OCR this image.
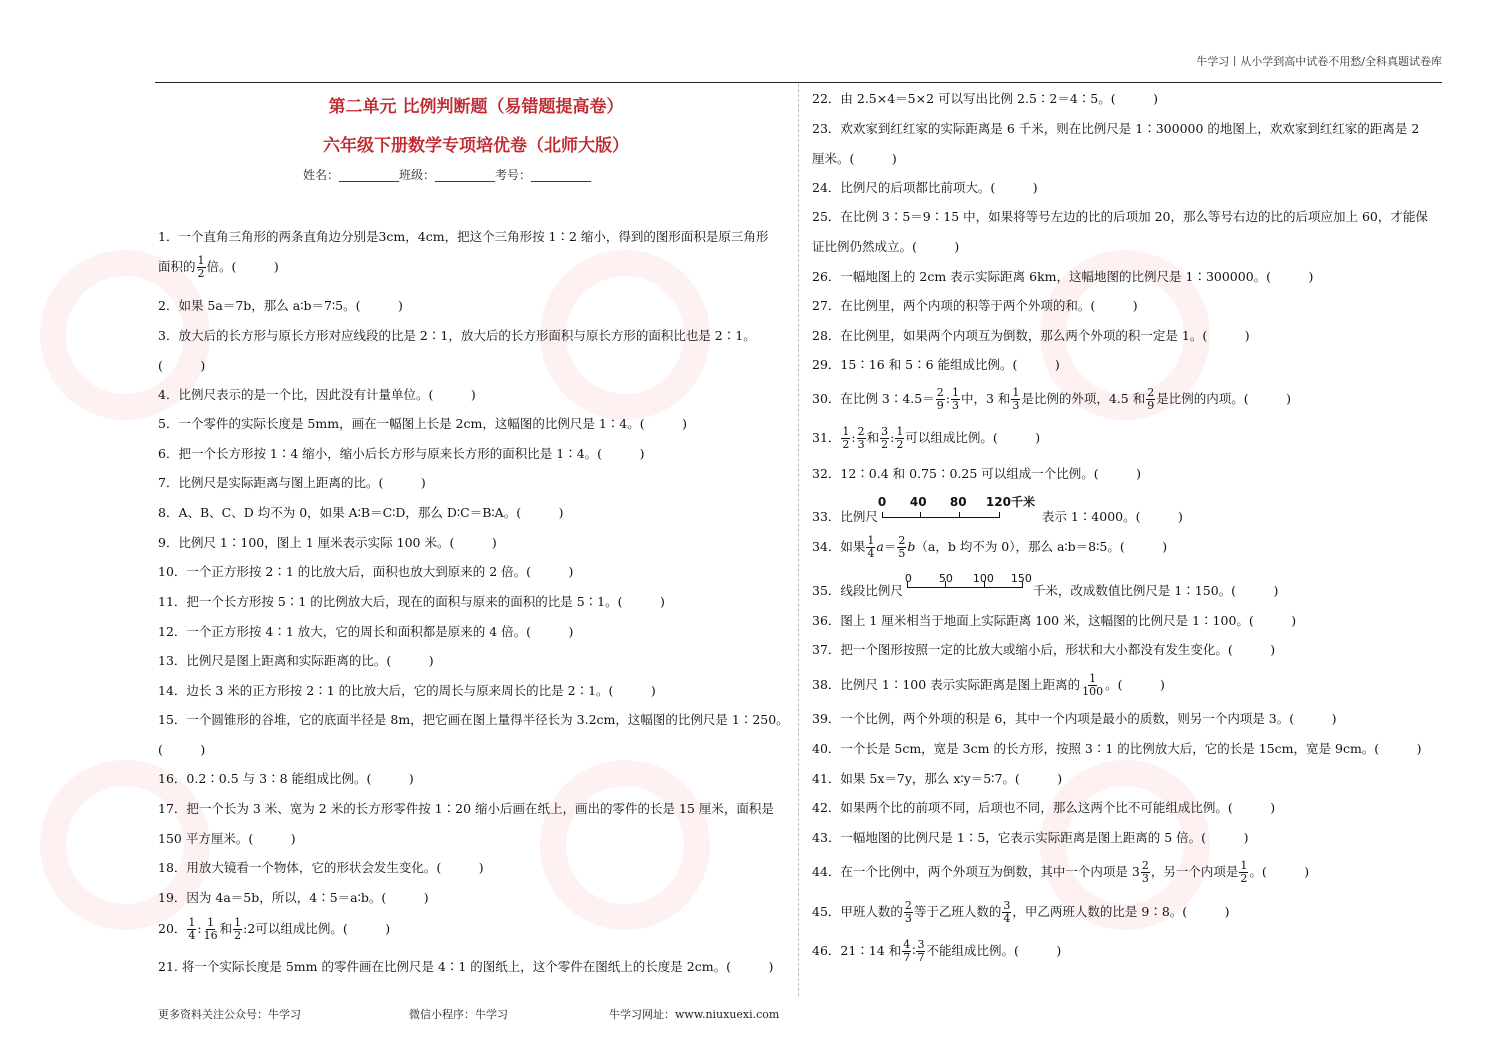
牛学习丨从小学到高中试卷不用愁/全科真题试卷库
第二单元 比例判断题（易错题提高卷）
六年级下册数学专项培优卷（北师大版）
姓名：__________班级：__________考号：__________
1．一个直角三角形的两条直角边分别是3cm，4cm，把这个三角形按 1∶2 缩小，得到的图形面积是原三角形
面积的 $\frac{1}{2}$ 倍。(　　　)
2．如果 5a＝7b，那么 a∶b＝7∶5。(　　　)
3．放大后的长方形与原长方形对应线段的比是 2∶1，放大后的长方形面积与原长方形的面积比也是 2∶1。
(　　　)
4．比例尺表示的是一个比，因此没有计量单位。(　　　)
5．一个零件的实际长度是 5mm，画在一幅图上长是 2cm，这幅图的比例尺是 1∶4。(　　　)
6．把一个长方形按 1∶4 缩小，缩小后长方形与原来长方形的面积比是 1∶4。(　　　)
7．比例尺是实际距离与图上距离的比。(　　　)
8．A、B、C、D 均不为 0，如果 A∶B＝C∶D，那么 D∶C＝B∶A。(　　　)
9．比例尺 1∶100，图上 1 厘米表示实际 100 米。(　　　)
10．一个正方形按 2∶1 的比放大后，面积也放大到原来的 2 倍。(　　　)
11．把一个长方形按 5∶1 的比例放大后，现在的面积与原来的面积的比是 5∶1。(　　　)
12．一个正方形按 4∶1 放大，它的周长和面积都是原来的 4 倍。(　　　)
13．比例尺是图上距离和实际距离的比。(　　　)
14．边长 3 米的正方形按 2∶1 的比放大后，它的周长与原来周长的比是 2∶1。(　　　)
15．一个圆锥形的谷堆，它的底面半径是 8m，把它画在图上量得半径长为 3.2cm，这幅图的比例尺是 1∶250。
(　　　)
16．0.2∶0.5 与 3∶8 能组成比例。(　　　)
17．把一个长为 3 米、宽为 2 米的长方形零件按 1∶20 缩小后画在纸上，画出的零件的长是 15 厘米，面积是
150 平方厘米。(　　　)
18．用放大镜看一个物体，它的形状会发生变化。(　　　)
19．因为 4a＝5b，所以，4∶5＝a∶b。(　　　)
20． $\frac{1}{4}$ : $\frac{1}{16}$ 和 $\frac{1}{2}$ :2可以组成比例。(　　　)
21. 将一个实际长度是 5mm 的零件画在比例尺是 4∶1 的图纸上，这个零件在图纸上的长度是 2cm。(　　　)
22．由 2.5×4＝5×2 可以写出比例 2.5∶2＝4∶5。(　　　)
23．欢欢家到红红家的实际距离是 6 千米，则在比例尺是 1∶300000 的地图上，欢欢家到红红家的距离是 2
厘米。(　　　)
24．比例尺的后项都比前项大。(　　　)
25．在比例 3∶5＝9∶15 中，如果将等号左边的比的后项加 20，那么等号右边的比的后项应加上 60，才能保
证比例仍然成立。(　　　)
26．一幅地图上的 2cm 表示实际距离 6km，这幅地图的比例尺是 1∶300000。(　　　)
27．在比例里，两个内项的积等于两个外项的和。(　　　)
28．在比例里，如果两个内项互为倒数，那么两个外项的积一定是 1。(　　　)
29．15∶16 和 5∶6 能组成比例。(　　　)
30．在比例 3∶4.5＝ $\frac{2}{9}$ : $\frac{1}{3}$ 中，3 和 $\frac{1}{3}$ 是比例的外项，4.5 和 $\frac{2}{9}$ 是比例的内项。(　　　)
31． $\frac{1}{2}$ : $\frac{2}{3}$ 和 $\frac{3}{2}$ : $\frac{1}{2}$ 可以组成比例。(　　　)
32．12∶0.4 和 0.75∶0.25 可以组成一个比例。(　　　)
33．比例尺
0 40 80 120千米
表示 1∶4000。(　　　)
34．如果 $\frac{1}{4} a= \frac{2}{5} b(a$，b 均不为 0），那么 a∶b＝8∶5。(　　　)
35．线段比例尺
0 50 100 150
千米，改成数值比例尺是 1∶150。(　　　)
36．图上 1 厘米相当于地面上实际距离 100 米，这幅图的比例尺是 1∶100。(　　　)
37．把一个图形按照一定的比放大或缩小后，形状和大小都没有发生变化。(　　　)
38．比例尺 1∶100 表示实际距离是图上距离的 $\frac{1}{100}$ 。(　　　)
39．一个比例，两个外项的积是 6，其中一个内项是最小的质数，则另一个内项是 3。(　　　)
40．一个长是 5cm，宽是 3cm 的长方形，按照 3∶1 的比例放大后，它的长是 15cm，宽是 9cm。(　　　)
41．如果 5x＝7y，那么 x∶y＝5∶7。(　　　)
42．如果两个比的前项不同，后项也不同，那么这两个比不可能组成比例。(　　　)
43．一幅地图的比例尺是 1∶5，它表示实际距离是图上距离的 5 倍。(　　　)
44．在一个比例中，两个外项互为倒数，其中一个内项是 $3 \frac{2}{3}$ ，另一个内项是 $\frac{1}{2}$ 。(　　　)
45．甲班人数的 $\frac{2}{3}$ 等于乙班人数的 $\frac{3}{4}$ ，甲乙两班人数的比是 9∶8。(　　　)
46．21∶14 和 $\frac{4}{7}$ ∶ $\frac{3}{7}$ 不能组成比例。(　　　)
更多资料关注公众号：牛学习	微信小程序：牛学习	牛学习网址：www.niuxuexi.com
